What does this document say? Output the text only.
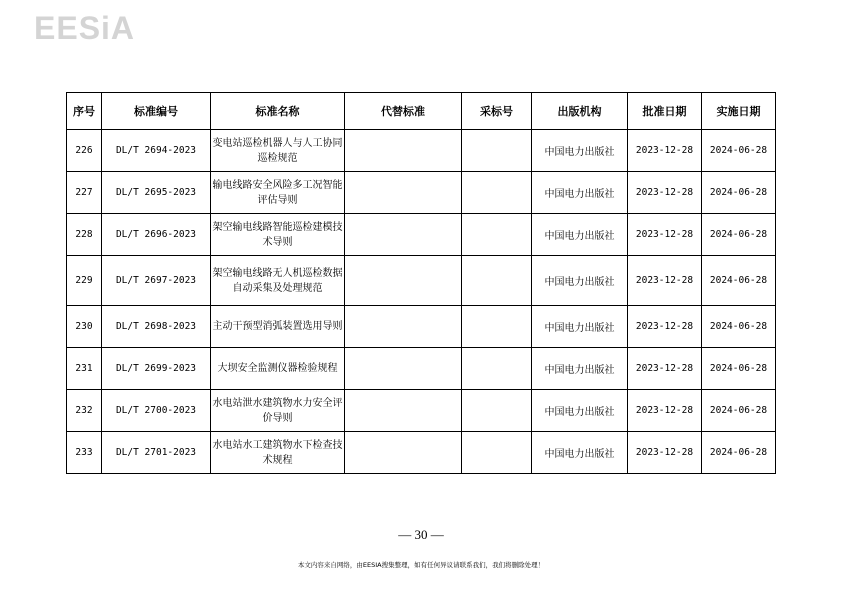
EESiA
序号	标准编号	标准名称	代替标准	采标号	出版机构	批准日期	实施日期
226	DL/T 2694-2023	变电站巡检机器人与人工协同巡检规范			中国电力出版社	2023-12-28	2024-06-28
227	DL/T 2695-2023	输电线路安全风险多工况智能评估导则			中国电力出版社	2023-12-28	2024-06-28
228	DL/T 2696-2023	架空输电线路智能巡检建模技术导则			中国电力出版社	2023-12-28	2024-06-28
229	DL/T 2697-2023	架空输电线路无人机巡检数据自动采集及处理规范			中国电力出版社	2023-12-28	2024-06-28
230	DL/T 2698-2023	主动干预型消弧装置选用导则			中国电力出版社	2023-12-28	2024-06-28
231	DL/T 2699-2023	大坝安全监测仪器检验规程			中国电力出版社	2023-12-28	2024-06-28
232	DL/T 2700-2023	水电站泄水建筑物水力安全评价导则			中国电力出版社	2023-12-28	2024-06-28
233	DL/T 2701-2023	水电站水工建筑物水下检查技术规程			中国电力出版社	2023-12-28	2024-06-28
— 30 —
本文内容来自网络，由EESIA搜集整理，如有任何异议请联系我们，我们将删除处理！
